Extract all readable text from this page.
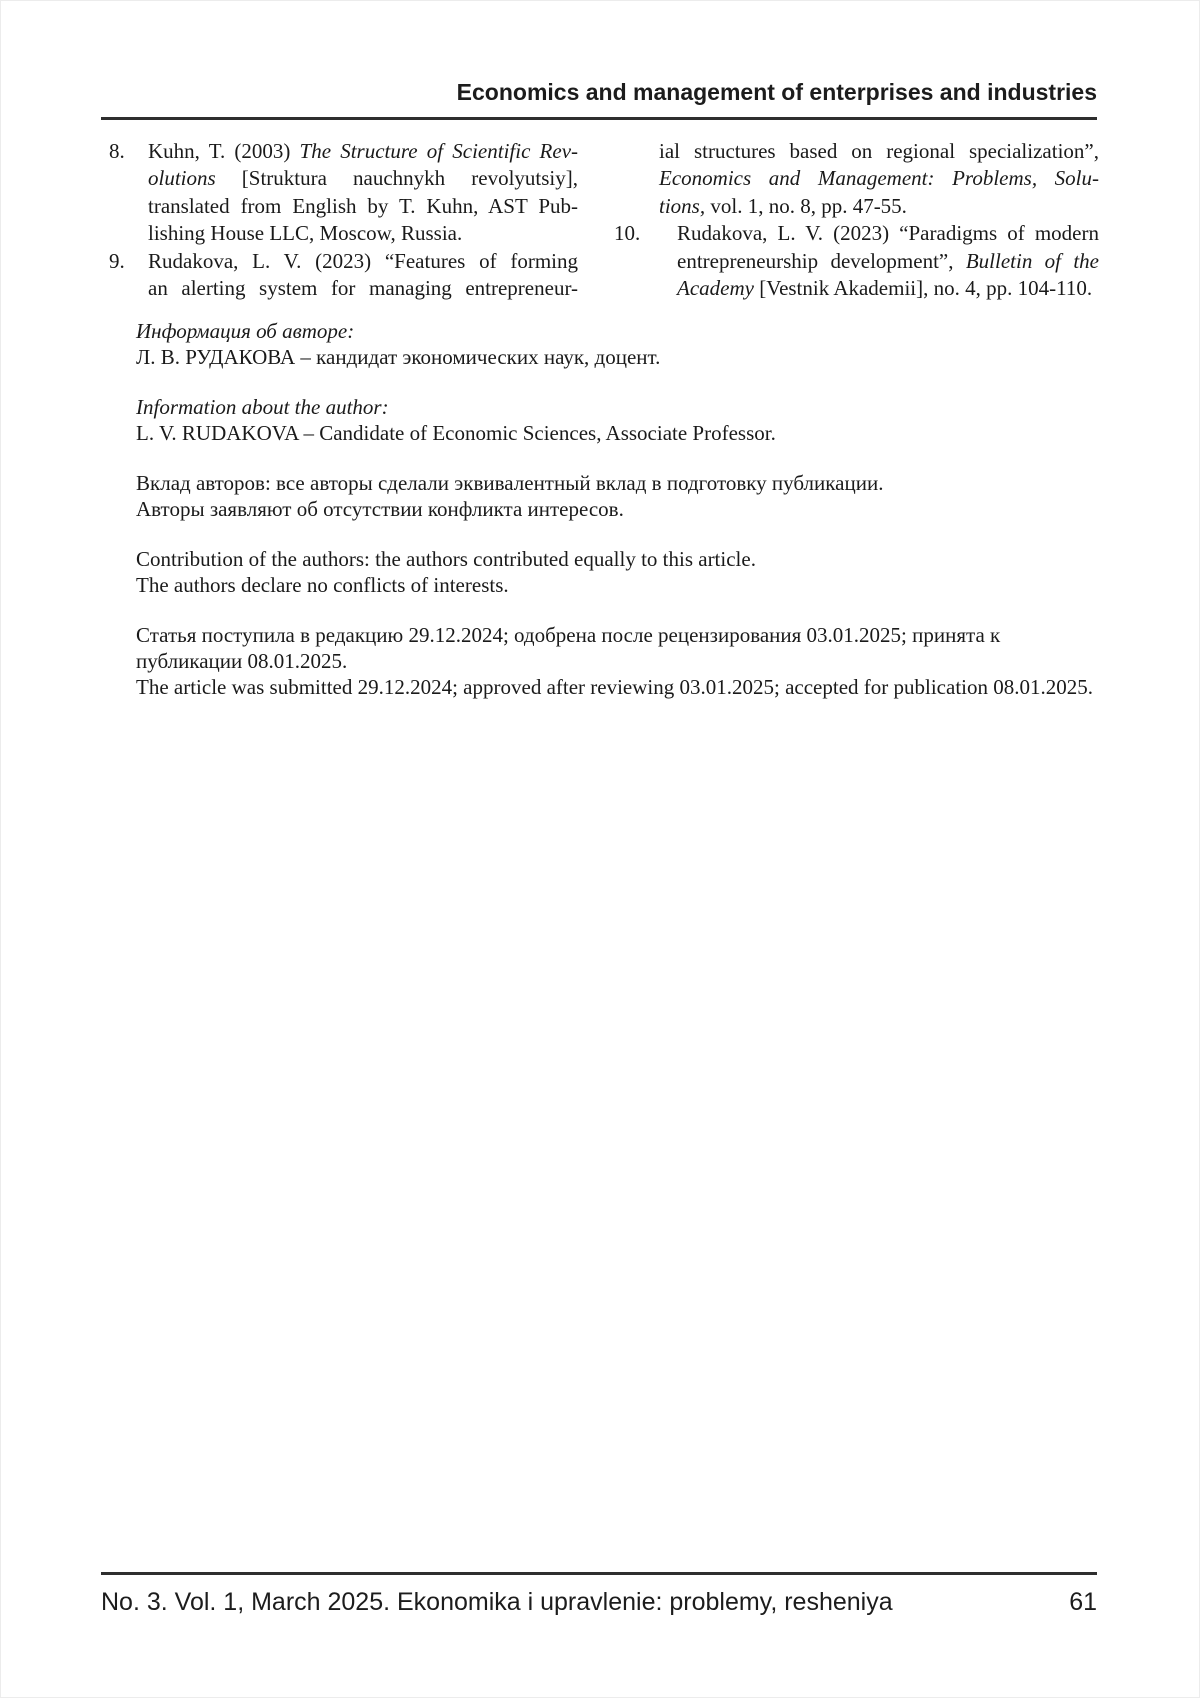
Economics and management of enterprises and industries
8. Kuhn, T. (2003) The Structure of Scientific Rev-
olutions [Struktura nauchnykh revolyutsiy],
translated from English by T. Kuhn, AST Pub-
lishing House LLC, Moscow, Russia.
9. Rudakova, L. V. (2023) “Features of forming
an alerting system for managing entrepreneur-
ial structures based on regional specialization”,
Economics and Management: Problems, Solu-
tions, vol. 1, no. 8, pp. 47-55.
10. Rudakova, L. V. (2023) “Paradigms of modern
entrepreneurship development”, Bulletin of the
Academy [Vestnik Akademii], no. 4, pp. 104-110.
Информация об авторе:
Л. В. РУДАКОВА – кандидат экономических наук, доцент.
Information about the author:
L. V. RUDAKOVA – Candidate of Economic Sciences, Associate Professor.
Вклад авторов: все авторы сделали эквивалентный вклад в подготовку публикации.
Авторы заявляют об отсутствии конфликта интересов.
Contribution of the authors: the authors contributed equally to this article.
The authors declare no conflicts of interests.
Статья поступила в редакцию 29.12.2024; одобрена после рецензирования 03.01.2025; принята к публикации 08.01.2025.
The article was submitted 29.12.2024; approved after reviewing 03.01.2025; accepted for publication 08.01.2025.
No. 3. Vol. 1, March 2025. Ekonomika i upravlenie: problemy, resheniya	61
